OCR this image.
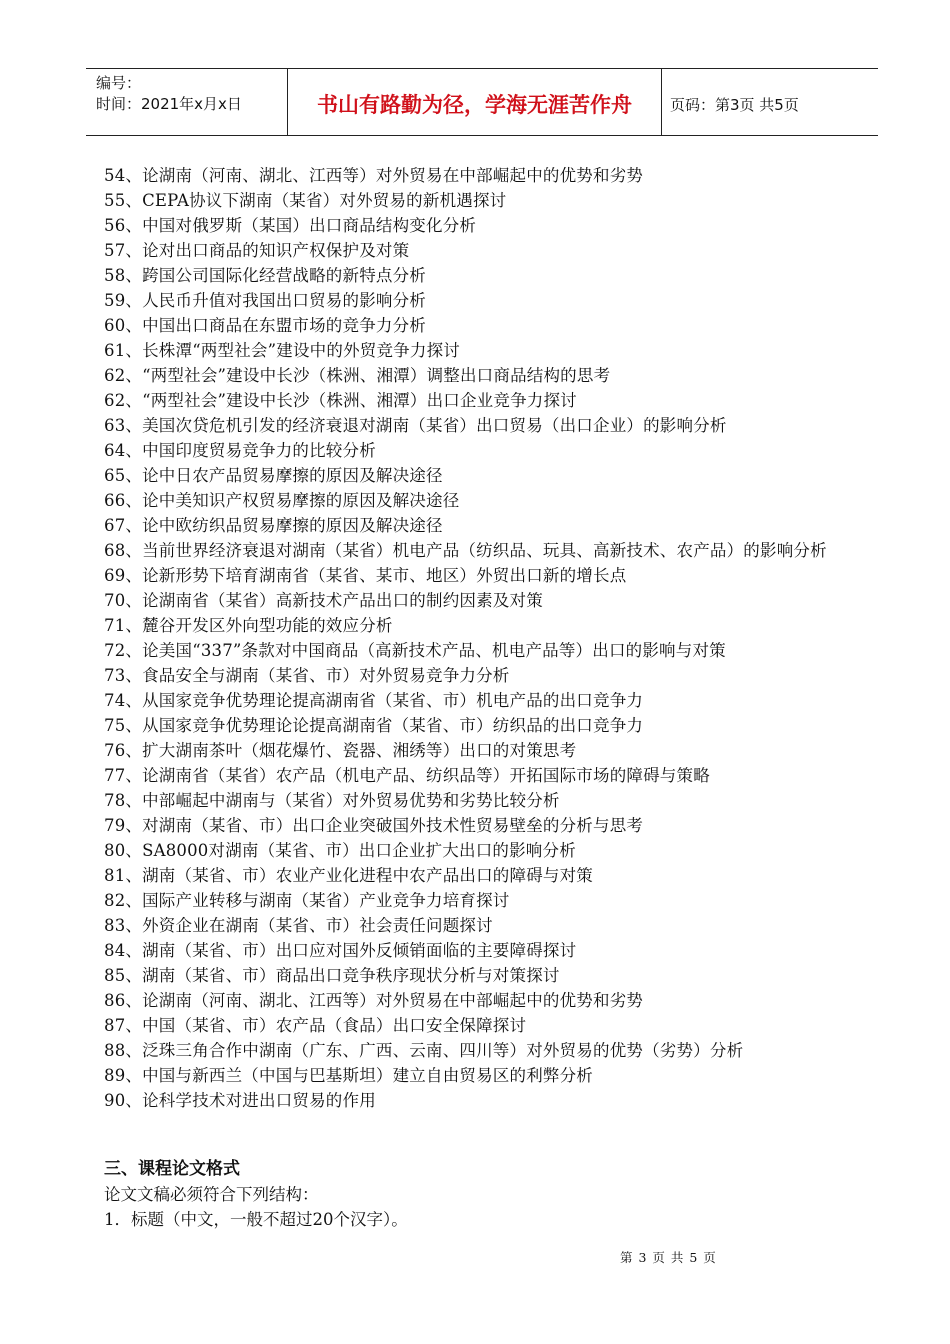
编号：
时间：2021年x月x日	书山有路勤为径，学海无涯苦作舟	页码：第3页 共5页
54、论湖南（河南、湖北、江西等）对外贸易在中部崛起中的优势和劣势
55、CEPA协议下湖南（某省）对外贸易的新机遇探讨
56、中国对俄罗斯（某国）出口商品结构变化分析
57、论对出口商品的知识产权保护及对策
58、跨国公司国际化经营战略的新特点分析
59、人民币升值对我国出口贸易的影响分析
60、中国出口商品在东盟市场的竞争力分析
61、长株潭“两型社会”建设中的外贸竞争力探讨
62、“两型社会”建设中长沙（株洲、湘潭）调整出口商品结构的思考
62、“两型社会”建设中长沙（株洲、湘潭）出口企业竞争力探讨
63、美国次贷危机引发的经济衰退对湖南（某省）出口贸易（出口企业）的影响分析
64、中国印度贸易竞争力的比较分析
65、论中日农产品贸易摩擦的原因及解决途径
66、论中美知识产权贸易摩擦的原因及解决途径
67、论中欧纺织品贸易摩擦的原因及解决途径
68、当前世界经济衰退对湖南（某省）机电产品（纺织品、玩具、高新技术、农产品）的影响分析
69、论新形势下培育湖南省（某省、某市、地区）外贸出口新的增长点
70、论湖南省（某省）高新技术产品出口的制约因素及对策
71、麓谷开发区外向型功能的效应分析
72、论美国“337”条款对中国商品（高新技术产品、机电产品等）出口的影响与对策
73、食品安全与湖南（某省、市）对外贸易竞争力分析
74、从国家竞争优势理论提高湖南省（某省、市）机电产品的出口竞争力
75、从国家竞争优势理论论提高湖南省（某省、市）纺织品的出口竞争力
76、扩大湖南茶叶（烟花爆竹、瓷器、湘绣等）出口的对策思考
77、论湖南省（某省）农产品（机电产品、纺织品等）开拓国际市场的障碍与策略
78、中部崛起中湖南与（某省）对外贸易优势和劣势比较分析
79、对湖南（某省、市）出口企业突破国外技术性贸易壁垒的分析与思考
80、SA8000对湖南（某省、市）出口企业扩大出口的影响分析
81、湖南（某省、市）农业产业化进程中农产品出口的障碍与对策
82、国际产业转移与湖南（某省）产业竞争力培育探讨
83、外资企业在湖南（某省、市）社会责任问题探讨
84、湖南（某省、市）出口应对国外反倾销面临的主要障碍探讨
85、湖南（某省、市）商品出口竞争秩序现状分析与对策探讨
86、论湖南（河南、湖北、江西等）对外贸易在中部崛起中的优势和劣势
87、中国（某省、市）农产品（食品）出口安全保障探讨
88、泛珠三角合作中湖南（广东、广西、云南、四川等）对外贸易的优势（劣势）分析
89、中国与新西兰（中国与巴基斯坦）建立自由贸易区的利弊分析
90、论科学技术对进出口贸易的作用
三、课程论文格式
论文文稿必须符合下列结构：
1．标题（中文，一般不超过20个汉字）。
第 3 页 共 5 页
